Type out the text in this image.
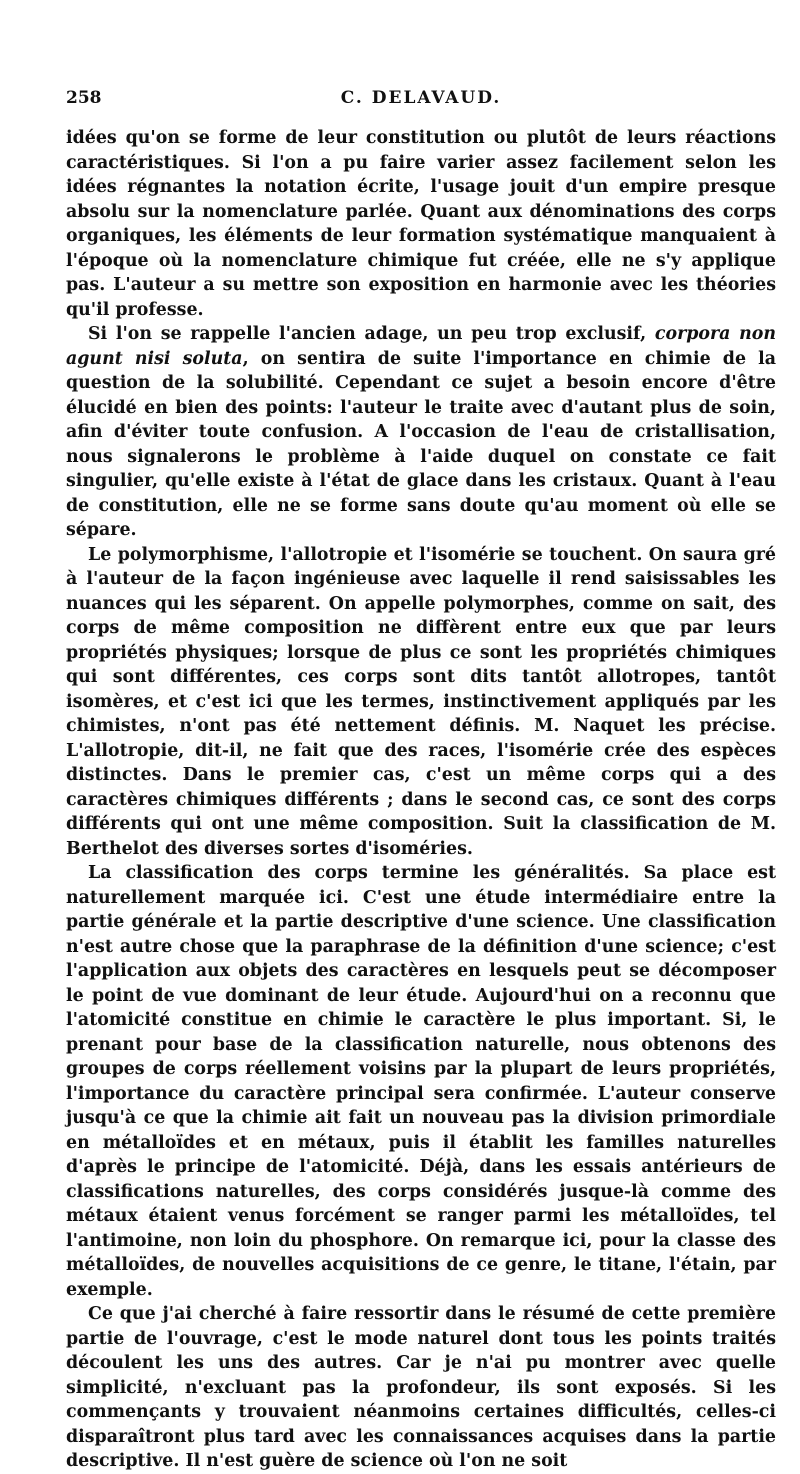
258	C. DELAVAUD.

idées qu'on se forme de leur constitution ou plutôt de leurs réactions caractéristiques. Si l'on a pu faire varier assez facilement selon les idées régnantes la notation écrite, l'usage jouit d'un empire presque absolu sur la nomenclature parlée. Quant aux dénominations des corps organiques, les éléments de leur formation systématique manquaient à l'époque où la nomenclature chimique fut créée, elle ne s'y applique pas. L'auteur a su mettre son exposition en harmonie avec les théories qu'il professe.

Si l'on se rappelle l'ancien adage, un peu trop exclusif, corpora non agunt nisi soluta, on sentira de suite l'importance en chimie de la question de la solubilité. Cependant ce sujet a besoin encore d'être élucidé en bien des points: l'auteur le traite avec d'autant plus de soin, afin d'éviter toute confusion. A l'occasion de l'eau de cristallisation, nous signalerons le problème à l'aide duquel on constate ce fait singulier, qu'elle existe à l'état de glace dans les cristaux. Quant à l'eau de constitution, elle ne se forme sans doute qu'au moment où elle se sépare.

Le polymorphisme, l'allotropie et l'isomérie se touchent. On saura gré à l'auteur de la façon ingénieuse avec laquelle il rend saisissables les nuances qui les séparent. On appelle polymorphes, comme on sait, des corps de même composition ne diffèrent entre eux que par leurs propriétés physiques; lorsque de plus ce sont les propriétés chimiques qui sont différentes, ces corps sont dits tantôt allotropes, tantôt isomères, et c'est ici que les termes, instinctivement appliqués par les chimistes, n'ont pas été nettement définis. M. Naquet les précise. L'allotropie, dit-il, ne fait que des races, l'isomérie crée des espèces distinctes. Dans le premier cas, c'est un même corps qui a des caractères chimiques différents ; dans le second cas, ce sont des corps différents qui ont une même composition. Suit la classification de M. Berthelot des diverses sortes d'isoméries.

La classification des corps termine les généralités. Sa place est naturellement marquée ici. C'est une étude intermédiaire entre la partie générale et la partie descriptive d'une science. Une classification n'est autre chose que la paraphrase de la définition d'une science; c'est l'application aux objets des caractères en lesquels peut se décomposer le point de vue dominant de leur étude. Aujourd'hui on a reconnu que l'atomicité constitue en chimie le caractère le plus important. Si, le prenant pour base de la classification naturelle, nous obtenons des groupes de corps réellement voisins par la plupart de leurs propriétés, l'importance du caractère principal sera confirmée. L'auteur conserve jusqu'à ce que la chimie ait fait un nouveau pas la division primordiale en métalloïdes et en métaux, puis il établit les familles naturelles d'après le principe de l'atomicité. Déjà, dans les essais antérieurs de classifications naturelles, des corps considérés jusque-là comme des métaux étaient venus forcément se ranger parmi les métalloïdes, tel l'antimoine, non loin du phosphore. On remarque ici, pour la classe des métalloïdes, de nouvelles acquisitions de ce genre, le titane, l'étain, par exemple.

Ce que j'ai cherché à faire ressortir dans le résumé de cette première partie de l'ouvrage, c'est le mode naturel dont tous les points traités découlent les uns des autres. Car je n'ai pu montrer avec quelle simplicité, n'excluant pas la profondeur, ils sont exposés. Si les commençants y trouvaient néanmoins certaines difficultés, celles-ci disparaîtront plus tard avec les connaissances acquises dans la partie descriptive. Il n'est guère de science où l'on ne soit
